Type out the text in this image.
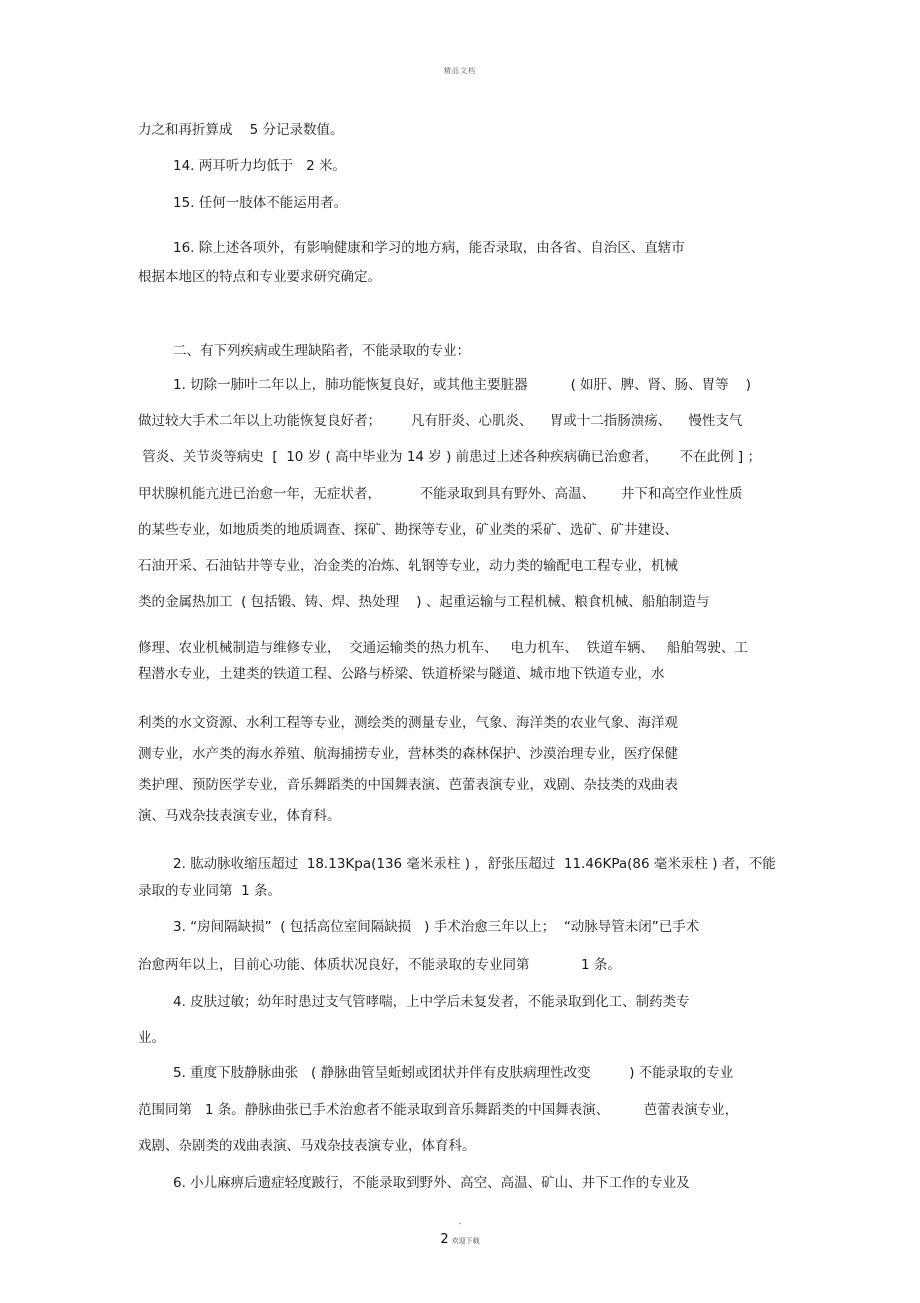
精品文档
力之和再折算成    5 分记录数值。
14. 两耳听力均低于   2 米。
15. 任何一肢体不能运用者。
16. 除上述各项外，有影响健康和学习的地方病，能否录取，由各省、自治区、直辖市
根据本地区的特点和专业要求研究确定。
二、有下列疾病或生理缺陷者，不能录取的专业：
1. 切除一肺叶二年以上，肺功能恢复良好，或其他主要脏器          ( 如肝、脾、肾、肠、胃等    )
做过较大手术二年以上功能恢复良好者；       凡有肝炎、心肌炎、    胃或十二指肠溃疡、    慢性支气
管炎、关节炎等病史  [  10 岁 ( 高中毕业为 14 岁 ) 前患过上述各种疾病确已治愈者，     不在此例 ] ；
甲状腺机能亢进已治愈一年，无症状者，         不能录取到具有野外、高温、      井下和高空作业性质
的某些专业，如地质类的地质调查、探矿、勘探等专业，矿业类的采矿、选矿、矿井建设、
石油开采、石油钻井等专业，冶金类的冶炼、轧钢等专业，动力类的输配电工程专业，机械
类的金属热加工  ( 包括锻、铸、焊、热处理    ) 、起重运输与工程机械、粮食机械、船舶制造与
修理、农业机械制造与维修专业，  交通运输类的热力机车、   电力机车、  铁道车辆、   船舶驾驶、工
程潜水专业，土建类的铁道工程、公路与桥梁、铁道桥梁与隧道、城市地下铁道专业，水
利类的水文资源、水利工程等专业，测绘类的测量专业，气象、海洋类的农业气象、海洋观
测专业，水产类的海水养殖、航海捕捞专业，营林类的森林保护、沙漠治理专业，医疗保健
类护理、预防医学专业，音乐舞蹈类的中国舞表演、芭蕾表演专业，戏剧、杂技类的戏曲表
演、马戏杂技表演专业，体育科。
2. 肱动脉收缩压超过  18.13Kpa(136 毫米汞柱 ) ，舒张压超过  11.46KPa(86 毫米汞柱 ) 者，不能
录取的专业同第  1 条。
3. “房间隔缺损”  ( 包括高位室间隔缺损   ) 手术治愈三年以上；  “动脉导管未闭”已手术
治愈两年以上，目前心功能、体质状况良好，不能录取的专业同第            1 条。
4. 皮肤过敏；幼年时患过支气管哮喘，上中学后未复发者，不能录取到化工、制药类专
业。
5. 重度下肢静脉曲张   ( 静脉曲管呈蚯蚓或团状并伴有皮肤病理性改变         ) 不能录取的专业
范围同第   1 条。静脉曲张已手术治愈者不能录取到音乐舞蹈类的中国舞表演、        芭蕾表演专业，
戏剧、杂剧类的戏曲表演、马戏杂技表演专业，体育科。
6. 小儿麻痹后遗症轻度跛行，不能录取到野外、高空、高温、矿山、井下工作的专业及
-
2 欢迎下载
